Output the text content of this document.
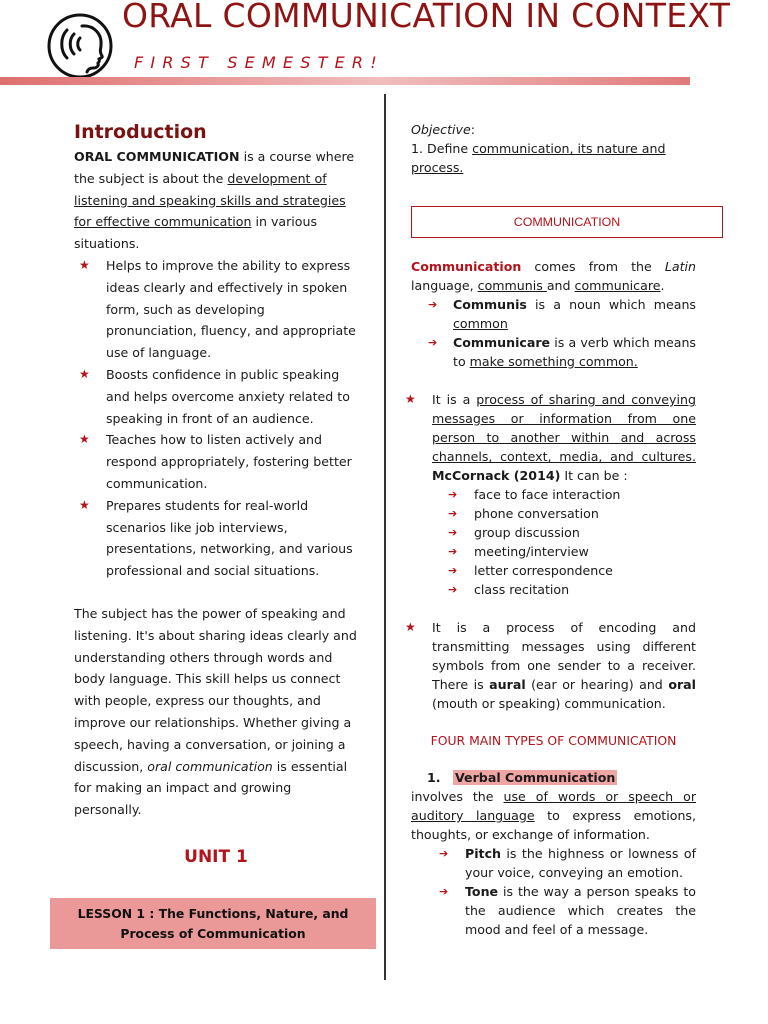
ORAL COMMUNICATION IN CONTEXT
FIRST SEMESTER!
Introduction

ORAL COMMUNICATION is a course where the subject is about the development of listening and speaking skills and strategies for effective communication in various situations.

★ Helps to improve the ability to express ideas clearly and effectively in spoken form, such as developing pronunciation, fluency, and appropriate use of language.
★ Boosts confidence in public speaking and helps overcome anxiety related to speaking in front of an audience.
★ Teaches how to listen actively and respond appropriately, fostering better communication.
★ Prepares students for real-world scenarios like job interviews, presentations, networking, and various professional and social situations.

The subject has the power of speaking and listening. It's about sharing ideas clearly and understanding others through words and body language. This skill helps us connect with people, express our thoughts, and improve our relationships. Whether giving a speech, having a conversation, or joining a discussion, oral communication is essential for making an impact and growing personally.

UNIT 1
LESSON 1 : The Functions, Nature, and
Process of Communication

Objective:

1. Define communication, its nature and process.

COMMUNICATION

Communication comes from the Latin language, communis and communicare.

➔ Communis is a noun which means common
➔ Communicare is a verb which means to make something common.
★ It is a process of sharing and conveying messages or information from one person to another within and across channels, context, media, and cultures. McCornack (2014) It can be :
➔ face to face interaction
➔ phone conversation
➔ group discussion
➔ meeting/interview
➔ letter correspondence
➔ class recitation
★ It is a process of encoding and transmitting messages using different symbols from one sender to a receiver. There is aural (ear or hearing) and oral (mouth or speaking) communication.
FOUR MAIN TYPES OF COMMUNICATION

1. Verbal Communication

involves the use of words or speech or auditory language to express emotions, thoughts, or exchange of information.

➔ Pitch is the highness or lowness of your voice, conveying an emotion.
➔ Tone is the way a person speaks to the audience which creates the mood and feel of a message.
